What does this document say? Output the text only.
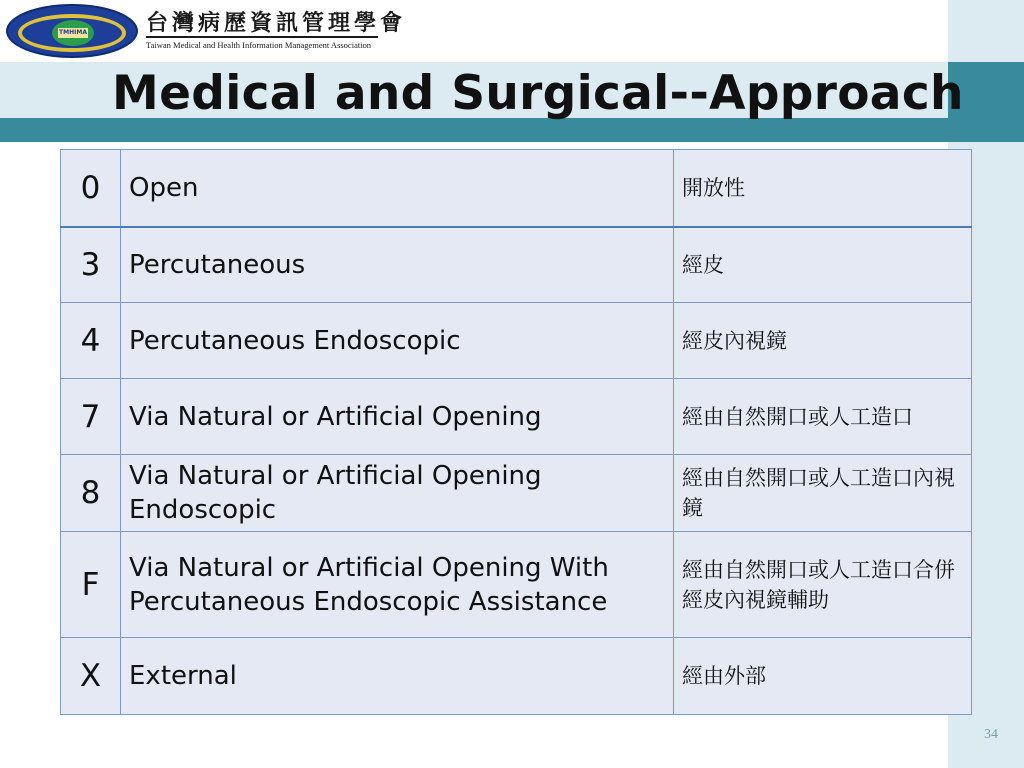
TMHIMA	台灣病歷資訊管理學會
Taiwan Medical and Health Information Management Association
Medical and Surgical--Approach
0	Open	開放性
3	Percutaneous	經皮
4	Percutaneous Endoscopic	經皮內視鏡
7	Via Natural or Artificial Opening	經由自然開口或人工造口
8	Via Natural or Artificial Opening Endoscopic	經由自然開口或人工造口內視鏡
F	Via Natural or Artificial Opening With Percutaneous Endoscopic Assistance	經由自然開口或人工造口合併經皮內視鏡輔助
X	External	經由外部
34
